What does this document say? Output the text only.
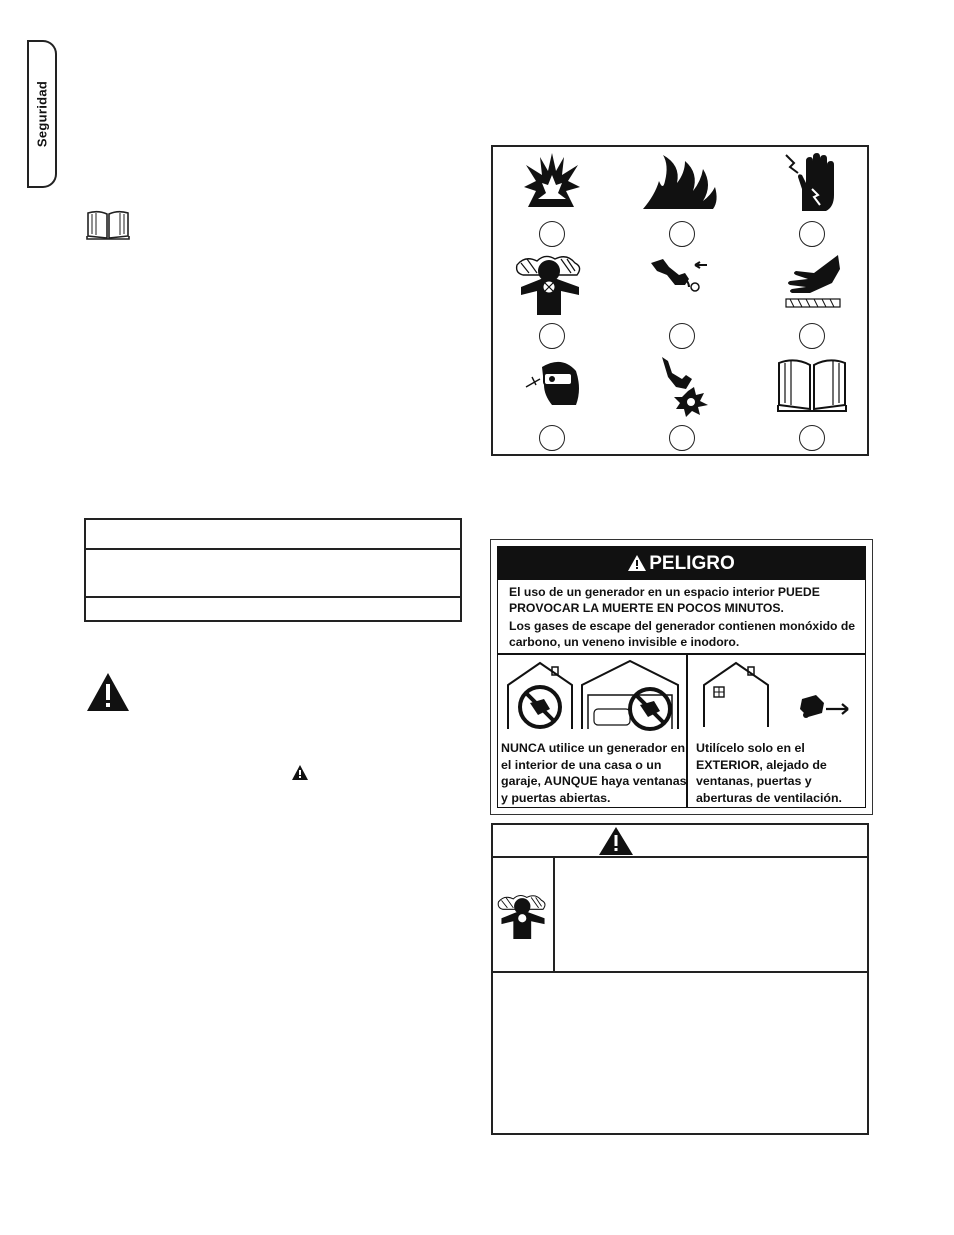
Seguridad
PELIGRO
El uso de un generador en un espacio interior PUEDE PROVOCAR LA MUERTE EN POCOS MINUTOS.
Los gases de escape del generador contienen monóxido de carbono, un veneno invisible e inodoro.
NUNCA utilice un generador en el interior de una casa o un garaje, AUNQUE haya ventanas y puertas abiertas.
Utilícelo solo en el EXTERIOR, alejado de ventanas, puertas y aberturas de ventilación.
